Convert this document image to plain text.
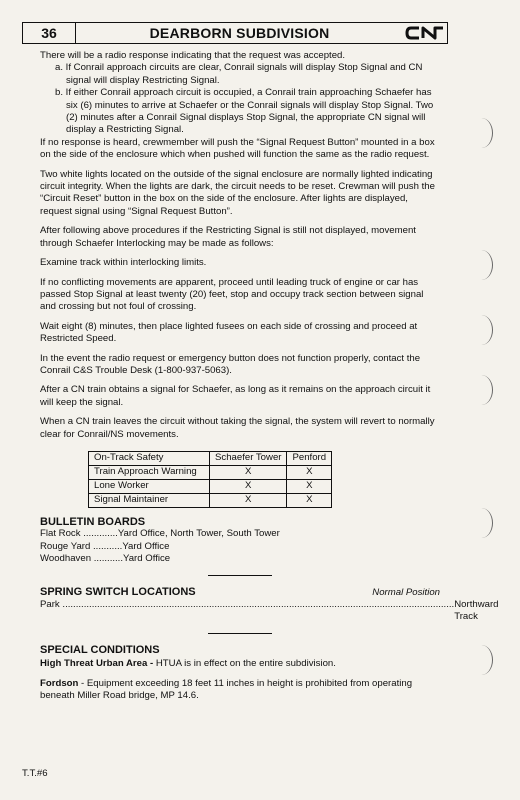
36	DEARBORN SUBDIVISION

There will be a radio response indicating that the request was accepted.

a. If Conrail approach circuits are clear, Conrail signals will display Stop Signal and CN signal will display Restricting Signal.

b. If either Conrail approach circuit is occupied, a Conrail train approaching Schaefer has six (6) minutes to arrive at Schaefer or the Conrail signals will display Stop Signal. Two (2) minutes after a Conrail Signal displays Stop Signal, the appropriate CN signal will display a Restricting Signal.

If no response is heard, crewmember will push the “Signal Request Button” mounted in a box on the side of the enclosure which when pushed will function the same as the radio request.

Two white lights located on the outside of the signal enclosure are normally lighted indicating circuit integrity. When the lights are dark, the circuit needs to be reset. Crewman will push the “Circuit Reset” button in the box on the side of the enclosure. After lights are displayed, request signal using “Signal Request Button”.

After following above procedures if the Restricting Signal is still not displayed, movement through Schaefer Interlocking may be made as follows:

Examine track within interlocking limits.

If no conflicting movements are apparent, proceed until leading truck of engine or car has passed Stop Signal at least twenty (20) feet, stop and occupy track section between signal and crossing but not foul of crossing.

Wait eight (8) minutes, then place lighted fusees on each side of crossing and proceed at Restricted Speed.

In the event the radio request or emergency button does not function properly, contact the Conrail C&S Trouble Desk (1-800-937-5063).

After a CN train obtains a signal for Schaefer, as long as it remains on the approach circuit it will keep the signal.

When a CN train leaves the circuit without taking the signal, the system will revert to normally clear for Conrail/NS movements.

On-Track Safety	Schaefer Tower	Penford
Train Approach Warning	X	X
Lone Worker	X	X
Signal Maintainer	X	X
BULLETIN BOARDS
Flat Rock ............. Yard Office, North Tower, South Tower
Rouge Yard ........... Yard Office
Woodhaven ........... Yard Office
SPRING SWITCH LOCATIONS	Normal Position
Park ................................................................................................................................................... Northward Track
SPECIAL CONDITIONS

High Threat Urban Area - HTUA is in effect on the entire subdivision.

Fordson - Equipment exceeding 18 feet 11 inches in height is prohibited from operating beneath Miller Road bridge, MP 14.6.

T.T.#6
